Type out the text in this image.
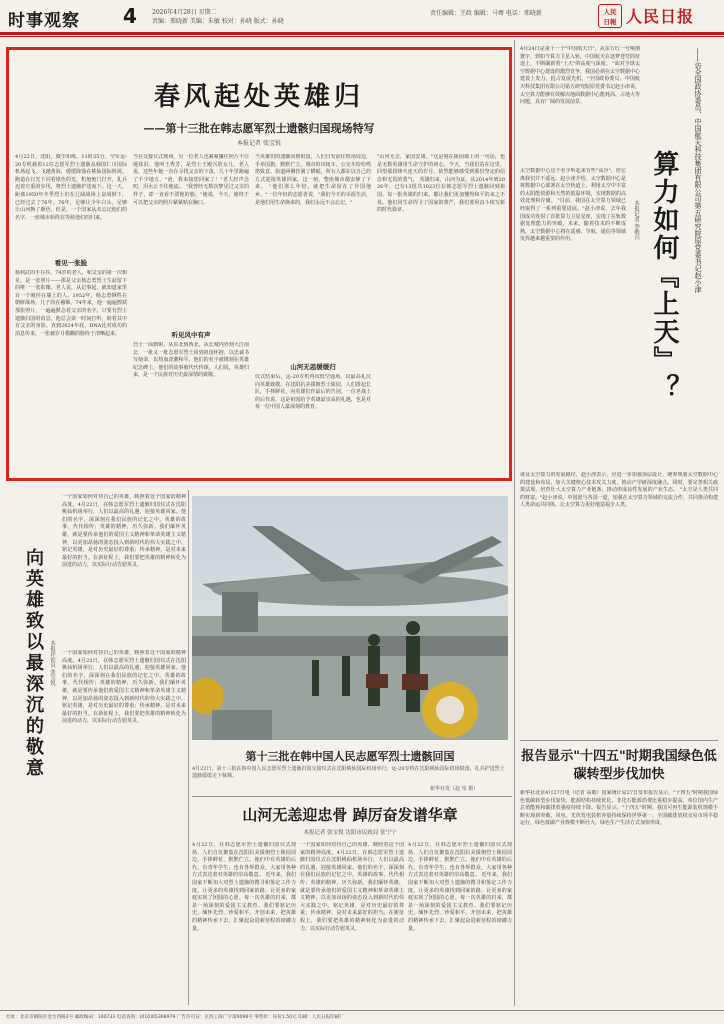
时事观察 4	2026年4月28日 星期二
责编：邢晓新 美编：朱敏 校对：孙晓 版式：孙晓
责任编辑：王政 编辑：马骞 电话：邢晓新	人民
日報 人民日报
春风起处英雄归
——第十三批在韩志愿军烈士遗骸归国现场特写
本报记者 张宝锐
4月22日，沈阳，微尘如练。11时25分，空军运-20专机载着12位志愿军烈士遗骸从韩国仁川国际机场起飞，飞越黄海，缓缓降落在桃仙国际机场。跑道在日光下闪着银色的光，机舱舱门打开，礼兵迈着庄重的步伐，将烈士遗骸护送而下。这一天，距离1950年冬季烈士们在辽阔战场上奋战倒下，已经过去了76年。76年，足够让少年白头，足够让山河换了颜色。但是，一个国家从未忘记他们的名字，一座城市始终在等候他们的归来。
看见一张脸
杨利武的手在抖。74岁的老人，和父亲的第一次相见，是一张照片——那是父亲杨志勇烈士生前留下的唯一一张影像。老人说，从记事起，就知道家里有一个被挂在墙上的人。1952年，杨志勇牺牲在朝鲜战场，儿子尚在襁褓。74年来，他一遍遍擦拭那张照片，一遍遍默念着父亲的名字。只要有烈士遗骸归国的消息，他总会第一时间打听，盼着其中有父亲的身影。直到2024年底，DNA比对成功的消息传来，一张被岁月模糊的脸终于清晰起来。
当在交接仪式现场，另一位老人也紧紧攥住照片不住地抹泪。他叫王秀芳，是烈士王殿兴的女儿。老人说，这些年她一直在寻找父亲的下落，几十年里跑遍了不少地方。"爸，我来接您回家了！"老人轻声念叨，泪水止不住地流。 "我曾经无数次梦见过父亲的样子，却一直看不清他的脸。"她说，今天，她终于可以把父亲的照片紧紧贴在胸口。
听见风中有声
烈士一面旗帜。从东北到西北，从长城内外到大江南北，一批又一批志愿军烈士回到祖国怀抱，以忠诚书写使命，以热血浇灌和平。他们的名字被镌刻在英雄纪念碑上，他们的故事被代代传颂。人们说，英雄归来，是一个民族对历史最深情的致敬。
当英雄们的遗骸回到祖国，人们自发前往机场周边，手举国旗，默默伫立。城市的出租车、公交车纷纷鸣笛致意，街道两侧挂满了横幅，所有人都在以自己的方式迎接英雄回家。这一刻，整座城市都安静了下来。 "他们那么年轻，就把生命留在了异国他乡。"一位年轻的志愿者说，"我们今天的幸福生活，是他们用生命换来的，我们永远不会忘记。"
山河无恙缓缓归
仪式结束后，运-20专机再次低空通场，以最高礼仪向英雄致敬。在沈阳抗美援朝烈士陵园，人们排起长队，手捧鲜花，向英雄们作最后的告别。一位老战士的后代说，这是祖国给予英雄最崇高的礼遇，也是对每一位中国人最深刻的教育。
"山河无恙，家国安康。"这是刻在陵园墙上的一句话，也是无数英雄用生命守护的初心。今天，当我们站在这里，回望那段烽火连天的岁月，依然能够感受到那份坚定的信念和无畏的勇气。 英雄归来，山河为证。从2014年到2026年，已有13批共1023位在韩志愿军烈士遗骸回到祖国。每一批英雄的归来，都让我们更加懂得和平的来之不易。他们用生命捍卫了国家的尊严，我们要用奋斗续写新的时代篇章。
4月24日是第十一个"中国航天日"。从东方红一号响彻寰宇，到如今算力卫星入轨，中国航天在逐梦苍穹的征途上，不断刷新着"上天"的高度与深度。 "面对全球太空数据中心建设的激烈竞争，我国必须在太空数据中心建设上发力，抢占发展先机。"全国政协委员、中国航天科技集团有限公司第五研究院原党委书记赵小津说，太空算力能够有效解决地面数据中心能耗高、占地大等问题，具有广阔的发展前景。	——访全国政协委员、中国航天科技集团有限公司第五研究院原党委书记赵小津
算力如何『上天』？
本报记者 李敬兴
太空数据中心这个名字听起来有些"高冷"，但它离我们并不遥远。赵小津介绍，太空数据中心是将数据中心部署在太空轨道上，利用太空中丰富的太阳能资源和天然的低温环境，实现数据的高效处理和存储。 "目前，我国在太空算力领域已经取得了一系列重要进展。"赵小津说，去年我国成功发射了首批算力卫星星座，实现了在轨数据处理能力的突破。未来，随着技术的不断成熟，太空数据中心将在遥感、导航、通信等领域发挥越来越重要的作用。
谈及太空算力的发展路径，赵小津表示，应进一步加强顶层设计，统筹规划太空数据中心的建设和布局，加大关键核心技术攻关力度，推动产学研深度融合。同时，要完善相关政策法规，培育壮大太空算力产业链条，推动形成良性发展的产业生态。 "太空是人类共同的财富。"赵小津说，中国愿与各国一道，加强在太空算力领域的交流合作，共同推动构建人类命运共同体，让太空算力更好地造福全人类。
报告显示"十四五"时期我国绿色低碳转型步伐加快
新华社北京4月27日电（记者 高敬）国家统计局27日发布报告显示，"十四五"时期我国绿色低碳转型步伐加快，能源结构持续优化，非化石能源消费比重稳步提高，单位国内生产总值能耗和碳排放强度持续下降。报告显示，"十四五"时期，我国可再生能源装机规模不断实现新突破，风电、光伏发电装机容量持续保持世界第一。全国碳排放权交易市场平稳运行，绿色低碳产业规模不断壮大，绿色生产生活方式加快形成。
一个国家如何对待自己的英雄，映照着这个国家的精神高度。4月22日，在韩志愿军烈士遗骸归国仪式在沈阳桃仙机场举行，人们以最高的礼遇，迎接英雄回家。他们的名字，深深刻在我们民族的记忆之中。英雄的故事，代代相传；英雄的精神，历久弥新。我们缅怀英雄，就是要传承他们的爱国主义精神和革命英雄主义精神，以更加昂扬的姿态投入到新时代的伟大实践之中。铭记英雄，是对历史最好的尊重；传承精神，是对未来最好的担当。在新征程上，我们要把英雄的精神转化为前进的动力，以实际行动告慰英灵。
向英雄致以最深沉的敬意 本报评论员 张宝锐 一个国家如何对待自己的英雄，映照着这个国家的精神高度。4月22日，在韩志愿军烈士遗骸归国仪式在沈阳桃仙机场举行，人们以最高的礼遇，迎接英雄回家。他们的名字，深深刻在我们民族的记忆之中。英雄的故事，代代相传；英雄的精神，历久弥新。我们缅怀英雄，就是要传承他们的爱国主义精神和革命英雄主义精神，以更加昂扬的姿态投入到新时代的伟大实践之中。铭记英雄，是对历史最好的尊重；传承精神，是对未来最好的担当。在新征程上，我们要把英雄的精神转化为前进的动力，以实际行动告慰英灵。
第十三批在韩中国人民志愿军烈士遗骸回国
4月22日，第十三批在韩中国人民志愿军烈士遗骸归国交接仪式在沈阳桃仙国际机场举行。运-20专机在沈阳桃仙国际机场降落，礼兵护送烈士遗骸缓缓走下舷梯。
新华社发（赵 旻 摄）
山河无恙迎忠骨 踔厉奋发谱华章
本报记者 张宝锐 沈阳市民政局 张宁宁
4月22日，在韩志愿军烈士遗骸归国仪式现场，人们自发聚集在沈阳抗美援朝烈士陵园周边，手捧鲜花，默默伫立。他们中有英雄的后代，有青年学生，也有各界群众。大家用各种方式表达着对英雄的崇高敬意。 近年来，我们国家不断加大对烈士遗骸的搜寻和鉴定工作力度，让更多的英雄找到回家的路，让更多的家庭实现了团圆的心愿。每一次英雄的归来，都是一场深刻的爱国主义教育。我们要铭记历史，缅怀先烈，珍爱和平，开创未来，把英雄的精神传承下去，汇聚起奋进新征程的磅礴力量。
一个国家如何对待自己的英雄，映照着这个国家的精神高度。4月22日，在韩志愿军烈士遗骸归国仪式在沈阳桃仙机场举行，人们以最高的礼遇，迎接英雄回家。他们的名字，深深刻在我们民族的记忆之中。英雄的故事，代代相传；英雄的精神，历久弥新。我们缅怀英雄，就是要传承他们的爱国主义精神和革命英雄主义精神，以更加昂扬的姿态投入到新时代的伟大实践之中。铭记英雄，是对历史最好的尊重；传承精神，是对未来最好的担当。在新征程上，我们要把英雄的精神转化为前进的动力，以实际行动告慰英灵。
4月22日，在韩志愿军烈士遗骸归国仪式现场，人们自发聚集在沈阳抗美援朝烈士陵园周边，手捧鲜花，默默伫立。他们中有英雄的后代，有青年学生，也有各界群众。大家用各种方式表达着对英雄的崇高敬意。 近年来，我们国家不断加大对烈士遗骸的搜寻和鉴定工作力度，让更多的英雄找到回家的路，让更多的家庭实现了团圆的心愿。每一次英雄的归来，都是一场深刻的爱国主义教育。我们要铭记历史，缅怀先烈，珍爱和平，开创未来，把英雄的精神传承下去，汇聚起奋进新征程的磅礴力量。
社址：北京市朝阳区金台西路2号 邮政编码：100733 电话查询：(010)65368979 广告许可证：京西工商广字第0098号 零售价：每份1.50元 印刷：人民日报印刷厂
